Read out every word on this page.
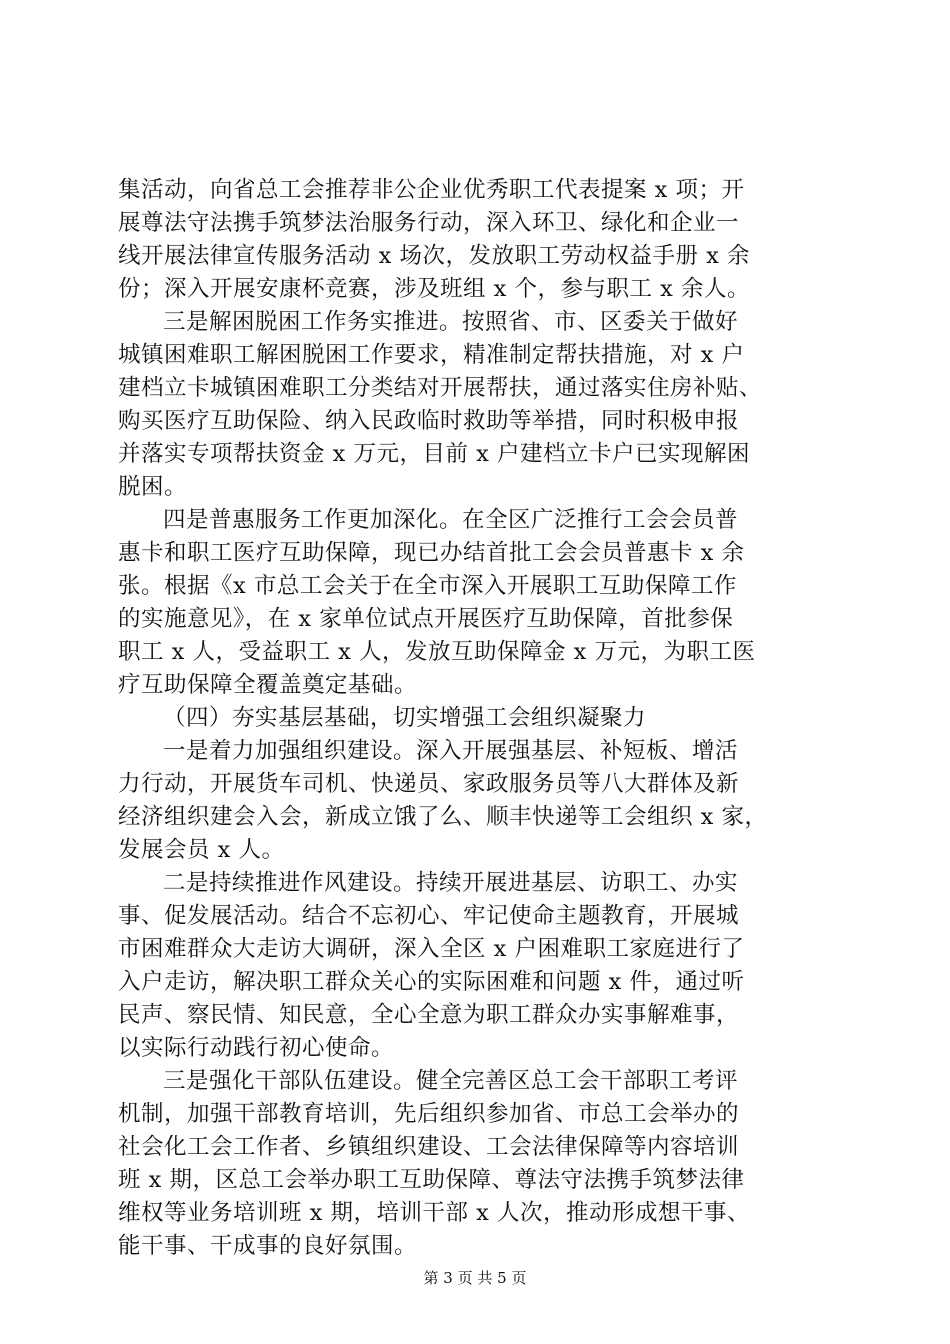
集活动，向省总工会推荐非公企业优秀职工代表提案 x 项；开
展尊法守法携手筑梦法治服务行动，深入环卫、绿化和企业一
线开展法律宣传服务活动 x 场次，发放职工劳动权益手册 x 余
份；深入开展安康杯竞赛，涉及班组 x 个，参与职工 x 余人。
三是解困脱困工作务实推进。按照省、市、区委关于做好
城镇困难职工解困脱困工作要求，精准制定帮扶措施，对 x 户
建档立卡城镇困难职工分类结对开展帮扶，通过落实住房补贴、
购买医疗互助保险、纳入民政临时救助等举措，同时积极申报
并落实专项帮扶资金 x 万元，目前 x 户建档立卡户已实现解困
脱困。
四是普惠服务工作更加深化。在全区广泛推行工会会员普
惠卡和职工医疗互助保障，现已办结首批工会会员普惠卡 x 余
张。根据《x 市总工会关于在全市深入开展职工互助保障工作
的实施意见》，在 x 家单位试点开展医疗互助保障，首批参保
职工 x 人，受益职工 x 人，发放互助保障金 x 万元，为职工医
疗互助保障全覆盖奠定基础。
（四）夯实基层基础，切实增强工会组织凝聚力
一是着力加强组织建设。深入开展强基层、补短板、增活
力行动，开展货车司机、快递员、家政服务员等八大群体及新
经济组织建会入会，新成立饿了么、顺丰快递等工会组织 x 家，
发展会员 x 人。
二是持续推进作风建设。持续开展进基层、访职工、办实
事、促发展活动。结合不忘初心、牢记使命主题教育，开展城
市困难群众大走访大调研，深入全区 x 户困难职工家庭进行了
入户走访，解决职工群众关心的实际困难和问题 x 件，通过听
民声、察民情、知民意，全心全意为职工群众办实事解难事，
以实际行动践行初心使命。
三是强化干部队伍建设。健全完善区总工会干部职工考评
机制，加强干部教育培训，先后组织参加省、市总工会举办的
社会化工会工作者、乡镇组织建设、工会法律保障等内容培训
班 x 期，区总工会举办职工互助保障、尊法守法携手筑梦法律
维权等业务培训班 x 期，培训干部 x 人次，推动形成想干事、
能干事、干成事的良好氛围。
第 3 页 共 5 页
